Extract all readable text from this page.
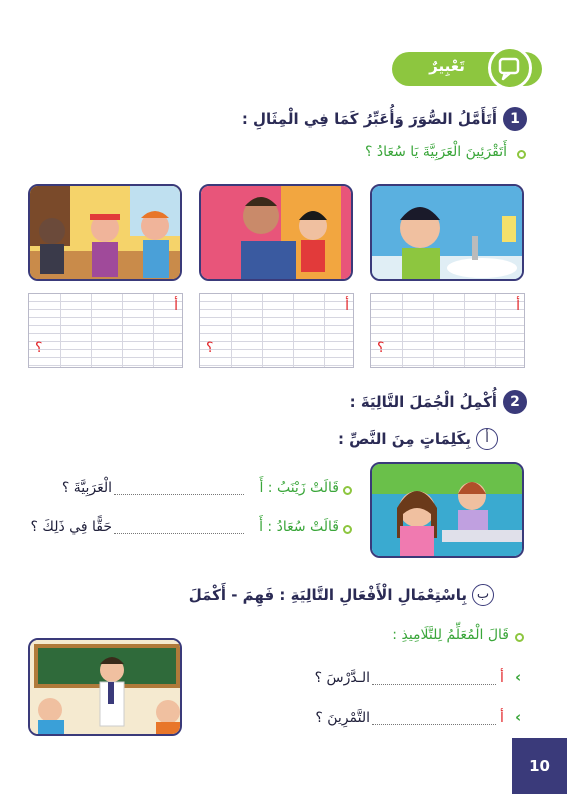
تَعْبِيرٌ
1
أَتَأَمَّلُ الصُّوَرَ وَأُعَبِّرُ كَمَا فِي الْمِثَالِ :
أَتَقْرَئِينَ الْعَرَبِيَّةَ يَا سُعَادُ ؟
أ
؟
أ
؟
أ
؟
2
أُكْمِلُ الْجُمَلَ التَّالِيَةَ :
أ
بِكَلِمَاتٍ مِنَ النَّصِّ :
قَالَتْ زَيْنَبُ : أَ
الْعَرَبِيَّةَ ؟
قَالَتْ سُعَادُ : أَ
حَقًّا فِي ذَلِكَ ؟
ب
بِاسْتِعْمَالِ الْأَفْعَالِ التَّالِيَةِ : فَهِمَ - أَكْمَلَ
قَالَ الْمُعَلِّمُ لِلتَّلَامِيذِ :
‹
أ
الـدَّرْسَ ؟
‹
أ
التَّمْرِينَ ؟
10
